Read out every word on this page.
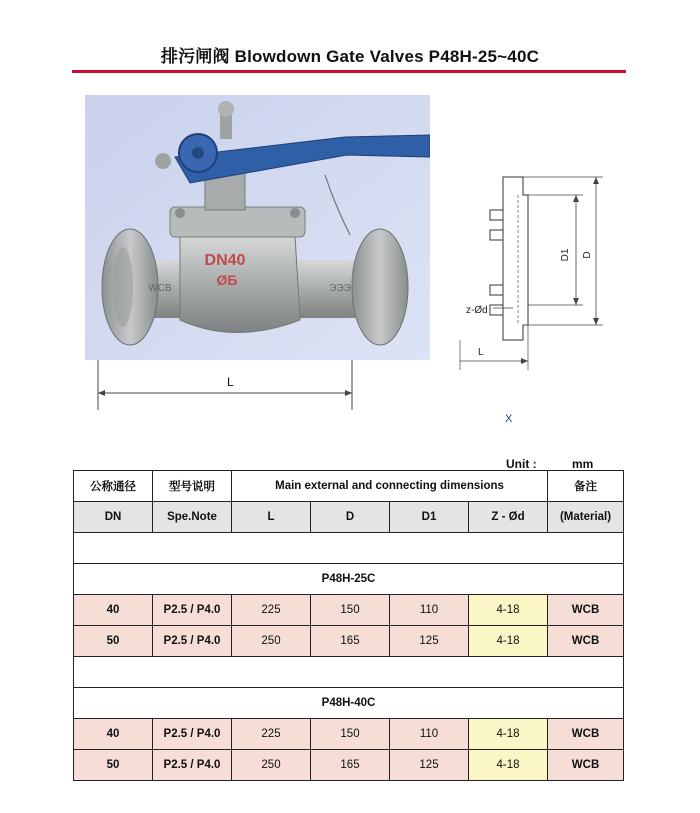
排污闸阀 Blowdown Gate Valves P48H-25~40C
DN40
ØБ
WCB	ЭЭЭ
L
D1 D
z-Ød
L
X
Unit :	mm
公称通径	型号说明	Main external and connecting dimensions				备注
DN	Spe.Note	L	D	D1	Z - Ød	(Material)

P48H-25C						
40	P2.5 / P4.0	225	150	110	4-18	WCB
50	P2.5 / P4.0	250	165	125	4-18	WCB

P48H-40C						
40	P2.5 / P4.0	225	150	110	4-18	WCB
50	P2.5 / P4.0	250	165	125	4-18	WCB
